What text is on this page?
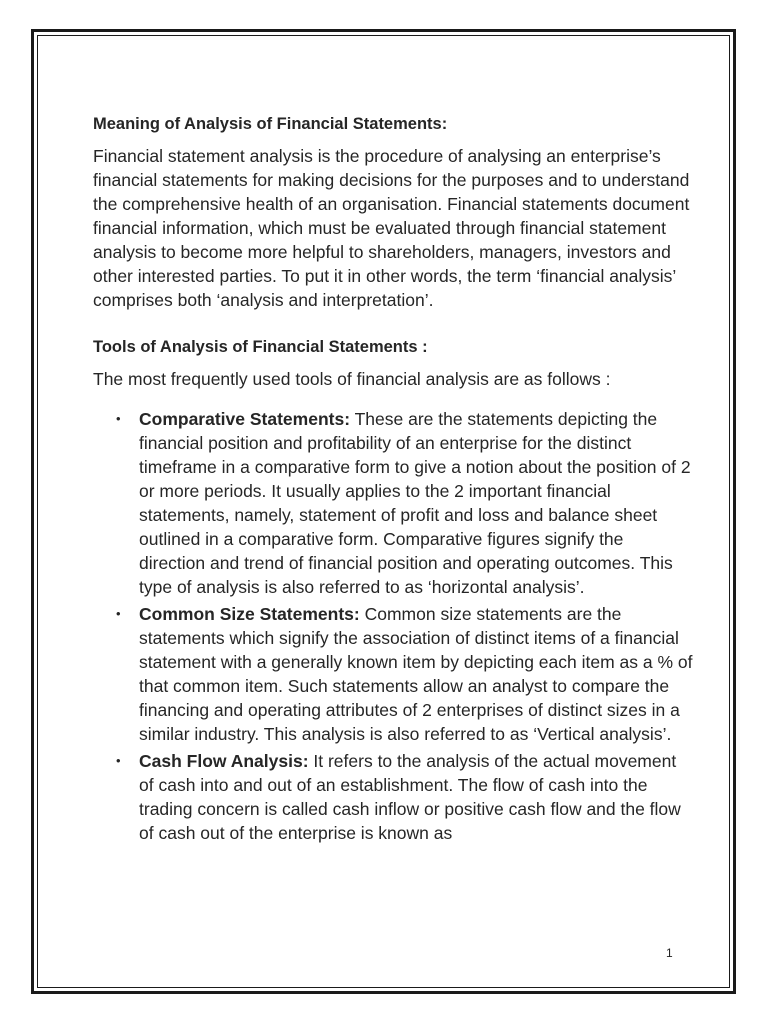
Meaning of Analysis of Financial Statements:

Financial statement analysis is the procedure of analysing an enterprise’s financial statements for making decisions for the purposes and to understand the comprehensive health of an organisation. Financial statements document financial information, which must be evaluated through financial statement analysis to become more helpful to shareholders, managers, investors and other interested parties. To put it in other words, the term ‘financial analysis’ comprises both ‘analysis and interpretation’.

Tools of Analysis of Financial Statements :

The most frequently used tools of financial analysis are as follows :

• Comparative Statements: These are the statements depicting the financial position and profitability of an enterprise for the distinct timeframe in a comparative form to give a notion about the position of 2 or more periods. It usually applies to the 2 important financial statements, namely, statement of profit and loss and balance sheet outlined in a comparative form. Comparative figures signify the direction and trend of financial position and operating outcomes. This type of analysis is also referred to as ‘horizontal analysis’.
• Common Size Statements: Common size statements are the statements which signify the association of distinct items of a financial statement with a generally known item by depicting each item as a % of that common item. Such statements allow an analyst to compare the financing and operating attributes of 2 enterprises of distinct sizes in a similar industry. This analysis is also referred to as ‘Vertical analysis’.
• Cash Flow Analysis: It refers to the analysis of the actual movement of cash into and out of an establishment. The flow of cash into the trading concern is called cash inflow or positive cash flow and the flow of cash out of the enterprise is known as
1
